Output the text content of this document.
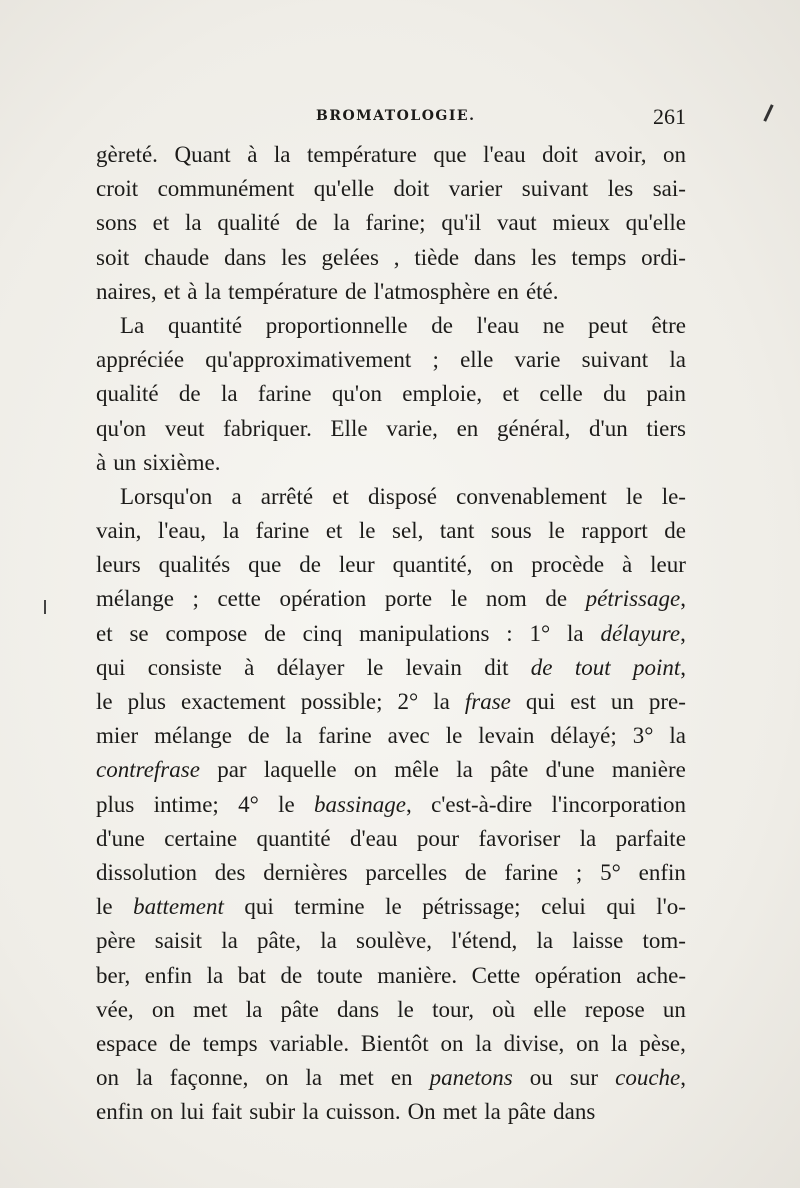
BROMATOLOGIE.	261
gèreté. Quant à la température que l'eau doit avoir, on
croit communément qu'elle doit varier suivant les sai-
sons et la qualité de la farine; qu'il vaut mieux qu'elle
soit chaude dans les gelées , tiède dans les temps ordi-
naires, et à la température de l'atmosphère en été.
La quantité proportionnelle de l'eau ne peut être
appréciée qu'approximativement ; elle varie suivant la
qualité de la farine qu'on emploie, et celle du pain
qu'on veut fabriquer. Elle varie, en général, d'un tiers
à un sixième.
Lorsqu'on a arrêté et disposé convenablement le le-
vain, l'eau, la farine et le sel, tant sous le rapport de
leurs qualités que de leur quantité, on procède à leur
mélange ; cette opération porte le nom de pétrissage,
et se compose de cinq manipulations : 1° la délayure,
qui consiste à délayer le levain dit de tout point,
le plus exactement possible; 2° la frase qui est un pre-
mier mélange de la farine avec le levain délayé; 3° la
contrefrase par laquelle on mêle la pâte d'une manière
plus intime; 4° le bassinage, c'est-à-dire l'incorporation
d'une certaine quantité d'eau pour favoriser la parfaite
dissolution des dernières parcelles de farine ; 5° enfin
le battement qui termine le pétrissage; celui qui l'o-
père saisit la pâte, la soulève, l'étend, la laisse tom-
ber, enfin la bat de toute manière. Cette opération ache-
vée, on met la pâte dans le tour, où elle repose un
espace de temps variable. Bientôt on la divise, on la pèse,
on la façonne, on la met en panetons ou sur couche,
enfin on lui fait subir la cuisson. On met la pâte dans
